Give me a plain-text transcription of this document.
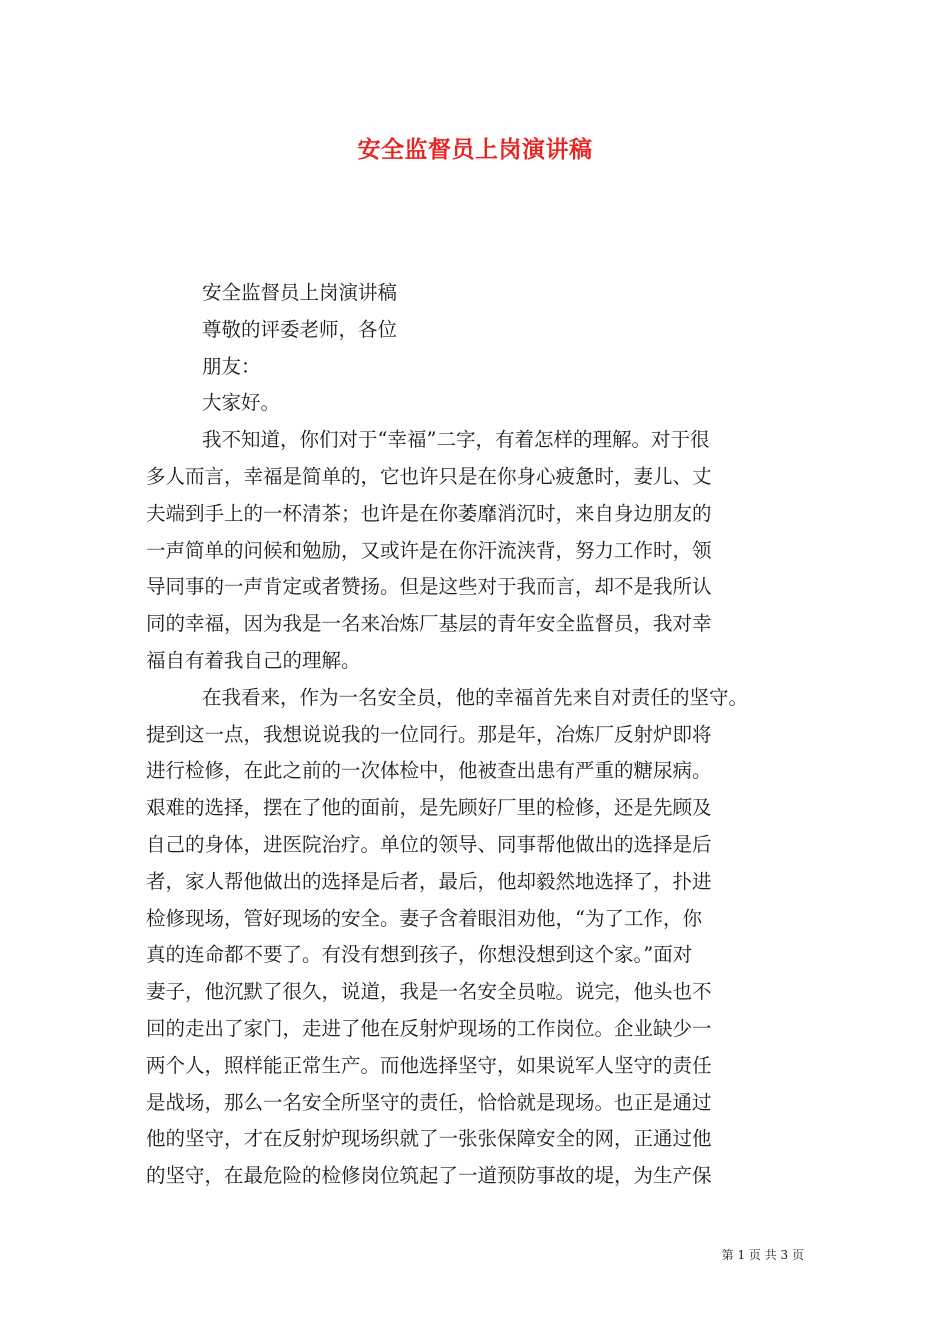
安全监督员上岗演讲稿
安全监督员上岗演讲稿
尊敬的评委老师，各位
朋友：
大家好。
我不知道，你们对于“幸福”二字，有着怎样的理解。对于很
多人而言，幸福是简单的，它也许只是在你身心疲惫时，妻儿、丈
夫端到手上的一杯清茶；也许是在你萎靡消沉时，来自身边朋友的
一声简单的问候和勉励，又或许是在你汗流浃背，努力工作时，领
导同事的一声肯定或者赞扬。但是这些对于我而言，却不是我所认
同的幸福，因为我是一名来冶炼厂基层的青年安全监督员，我对幸
福自有着我自己的理解。
在我看来，作为一名安全员，他的幸福首先来自对责任的坚守。
提到这一点，我想说说我的一位同行。那是年，冶炼厂反射炉即将
进行检修，在此之前的一次体检中，他被查出患有严重的糖尿病。
艰难的选择，摆在了他的面前，是先顾好厂里的检修，还是先顾及
自己的身体，进医院治疗。单位的领导、同事帮他做出的选择是后
者，家人帮他做出的选择是后者，最后，他却毅然地选择了，扑进
检修现场，管好现场的安全。妻子含着眼泪劝他，“为了工作，你
真的连命都不要了。有没有想到孩子，你想没想到这个家。”面对
妻子，他沉默了很久，说道，我是一名安全员啦。说完，他头也不
回的走出了家门，走进了他在反射炉现场的工作岗位。企业缺少一
两个人，照样能正常生产。而他选择坚守，如果说军人坚守的责任
是战场，那么一名安全所坚守的责任，恰恰就是现场。也正是通过
他的坚守，才在反射炉现场织就了一张张保障安全的网，正通过他
的坚守，在最危险的检修岗位筑起了一道预防事故的堤，为生产保
第 1 页 共 3 页
